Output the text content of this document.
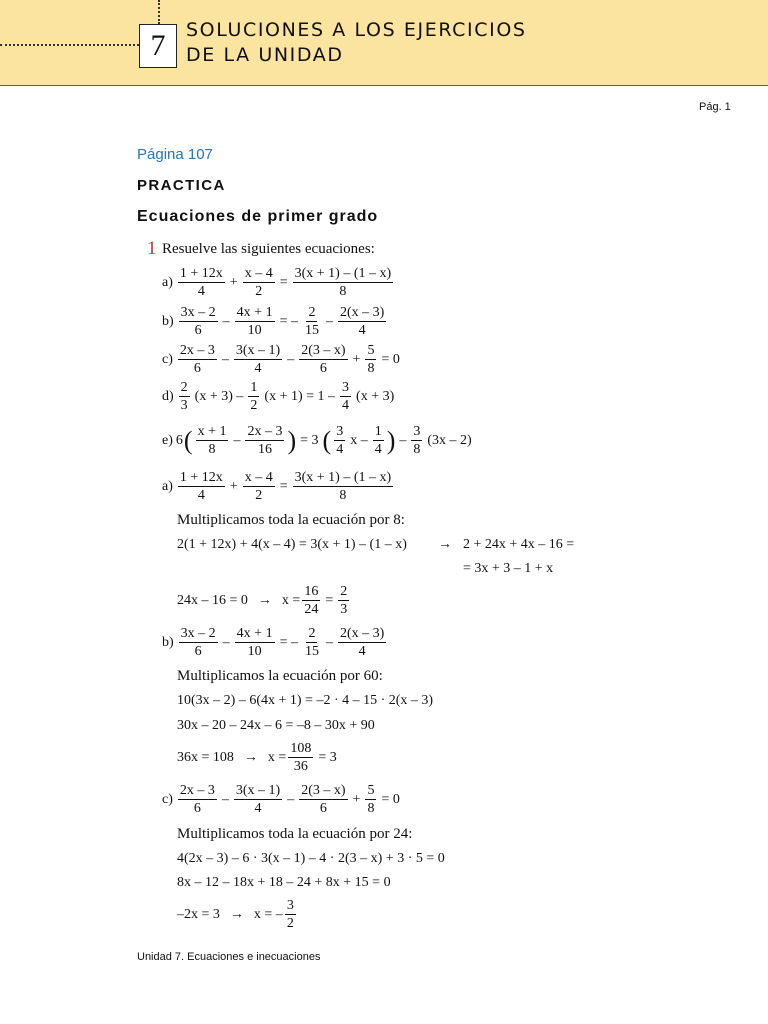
7	SOLUCIONES A LOS EJERCICIOS
DE LA UNIDAD
Pág. 1
Página 107
PRACTICA
Ecuaciones de primer grado
1 Resuelve las siguientes ecuaciones:
$a) \frac{1 + 12x}{4} + \frac{x - 4}{2} = \frac{3(x + 1) - (1 - x)}{8}$
$b) \frac{3x - 2}{6} - \frac{4x + 1}{10}$ = – $\frac{2}{15} - \frac{2(x - 3)}{4}$
$c) \frac{2x - 3}{6} - \frac{3(x - 1)}{4} - \frac{2(3 - x)}{6} + \frac{5}{8} = 0$
$d) \frac{2}{3} (x + 3) - \frac{1}{2} (x + 1) = 1 - \frac{3}{4} (x + 3)$
e) 6 ( $\frac{x + 1}{8} - \frac{2x - 3}{16}$ ) = 3 ( $\frac{3}{4}$ x – $\frac{1}{4}$ ) – $\frac{3}{8} (3x - 2)$
$a) \frac{1 + 12x}{4} + \frac{x - 4}{2} = \frac{3(x + 1) - (1 - x)}{8}$
Multiplicamos toda la ecuación por 8:
2(1 + 12x) + 4(x – 4) = 3(x + 1) – (1 – x) → 2 + 24x + 4x – 16 =
= 3x + 3 – 1 + x
$24x - 16 = 0 \to x = \frac{16}{24} = \frac{2}{3}$
$b) \frac{3x - 2}{6} - \frac{4x + 1}{10}$ = – $\frac{2}{15} - \frac{2(x - 3)}{4}$
Multiplicamos la ecuación por 60:
10(3x – 2) – 6(4x + 1) = –2 · 4 – 15 · 2(x – 3)
30x – 20 – 24x – 6 = –8 – 30x + 90
$36x = 108 \to x = \frac{108}{36} = 3$
$c) \frac{2x - 3}{6} - \frac{3(x - 1)}{4} - \frac{2(3 - x)}{6} + \frac{5}{8} = 0$
Multiplicamos toda la ecuación por 24:
4(2x – 3) – 6 · 3(x – 1) – 4 · 2(3 – x) + 3 · 5 = 0
8x – 12 – 18x + 18 – 24 + 8x + 15 = 0
–2x = 3 → x = – $\frac{3}{2}$
Unidad 7. Ecuaciones e inecuaciones
